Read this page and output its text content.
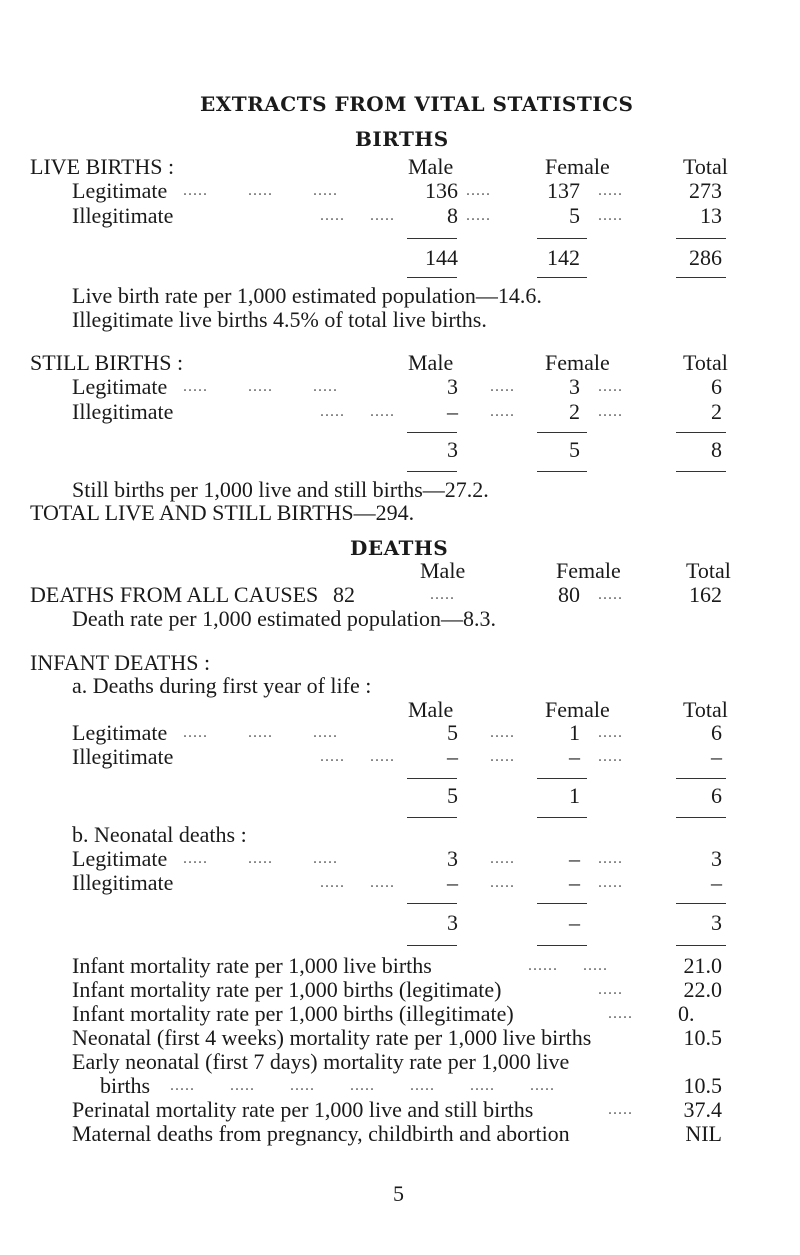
EXTRACTS FROM VITAL STATISTICS
BIRTHS
LIVE BIRTHS :	Male	Female	Total
Legitimate .....        .....        .....	136 .....	137 .....	273
Illegitimate	.....     .....	8 .....	5 .....	13
144	142	286
Live birth rate per 1,000 estimated population—14.6.
Illegitimate live births 4.5% of total live births.
STILL BIRTHS :	Male	Female	Total
Legitimate .....        .....        .....	3 .....	3 .....	6
Illegitimate	.....     .....	– .....	2 .....	2
3	5	8
Still births per 1,000 live and still births—27.2.
TOTAL LIVE AND STILL BIRTHS—294.
DEATHS
Male	Female	Total
DEATHS FROM ALL CAUSES 82	.....	80 .....	162
Death rate per 1,000 estimated population—8.3.
INFANT DEATHS :
a. Deaths during first year of life :
Male	Female	Total
Legitimate .....        .....        .....	5 .....	1 .....	6
Illegitimate	.....     .....	– .....	– .....	–
5	1	6
b. Neonatal deaths :
Legitimate .....        .....        .....	3 .....	– .....	3
Illegitimate	.....     .....	– .....	– .....	–
3	–	3
Infant mortality rate per 1,000 live births	......     .....	21.0
Infant mortality rate per 1,000 births (legitimate)	.....	22.0
Infant mortality rate per 1,000 births (illegitimate)	..... 0.
Neonatal (first 4 weeks) mortality rate per 1,000 live births	10.5
Early neonatal (first 7 days) mortality rate per 1,000 live
births .....       .....       .....       .....       .....       .....       .....	10.5
Perinatal mortality rate per 1,000 live and still births	.....	37.4
Maternal deaths from pregnancy, childbirth and abortion	NIL
5
